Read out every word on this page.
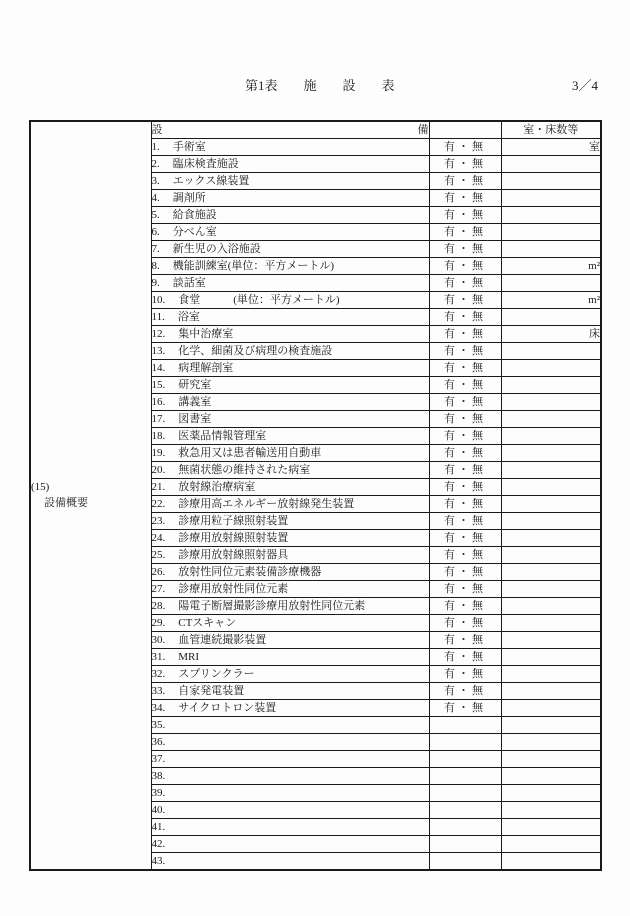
第1表　　施　　設　　表	3／4
(15)
設備概要

設	備		室・床数等
	1. 手術室	有・無	室
	2. 臨床検査施設	有・無	
	3. エックス線装置	有・無	
	4. 調剤所	有・無	
	5. 給食施設	有・無	
	6. 分べん室	有・無	
	7. 新生児の入浴施設	有・無	
	8. 機能訓練室(単位：平方メートル)	有・無	m²
	9. 談話室	有・無	
	10. 食堂　　　(単位：平方メートル)	有・無	m²
	11. 浴室	有・無	
	12. 集中治療室	有・無	床
	13. 化学、細菌及び病理の検査施設	有・無	
	14. 病理解剖室	有・無	
	15. 研究室	有・無	
	16. 講義室	有・無	
	17. 図書室	有・無	
	18. 医薬品情報管理室	有・無	
	19. 救急用又は患者輸送用自動車	有・無	
	20. 無菌状態の維持された病室	有・無	
	21. 放射線治療病室	有・無	
	22. 診療用高エネルギー放射線発生装置	有・無	
	23. 診療用粒子線照射装置	有・無	
	24. 診療用放射線照射装置	有・無	
	25. 診療用放射線照射器具	有・無	
	26. 放射性同位元素装備診療機器	有・無	
	27. 診療用放射性同位元素	有・無	
	28. 陽電子断層撮影診療用放射性同位元素	有・無	
	29. CTスキャン	有・無	
	30. 血管連続撮影装置	有・無	
	31. MRI	有・無	
	32. スプリンクラー	有・無	
	33. 自家発電装置	有・無	
	34. サイクロトロン装置	有・無	
	35.		
	36.		
	37.		
	38.		
	39.		
	40.		
	41.		
	42.		
	43.		
